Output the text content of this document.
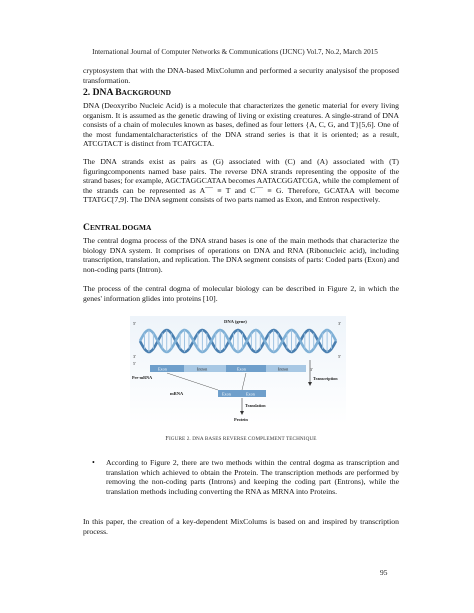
International Journal of Computer Networks & Communications (IJCNC) Vol.7, No.2, March 2015
cryptosystem that with the DNA-based MixColumn and performed a security analysisof the proposed transformation.
2. DNA BACKGROUND
DNA (Deoxyribo Nucleic Acid) is a molecule that characterizes the genetic material for every living organism. It is assumed as the genetic drawing of living or existing creatures. A single-strand of DNA consists of a chain of molecules known as bases, defined as four letters {A, C, G, and T}[5,6]. One of the most fundamentalcharacteristics of the DNA strand series is that it is oriented; as a result, ATCGTACT is distinct from TCATGCTA.
The DNA strands exist as pairs as (G) associated with (C) and (A) associated with (T) figuringcomponents named base pairs. The reverse DNA strands representing the opposite of the strand bases; for example, AGCTAGGCATAA becomes AATACGGATCGA, while the complement of the strands can be represented as A¯¯ ≡ T and C¯¯ ≡ G. Therefore, GCATAA will become TTATGC[7,9]. The DNA segment consists of two parts named as Exon, and Entron respectively.
CENTRAL DOGMA
The central dogma process of the DNA strand bases is one of the main methods that characterize the biology DNA system. It comprises of operations on DNA and RNA (Ribonucleic acid), including transcription, translation, and replication. The DNA segment consists of parts: Coded parts (Exon) and non-coding parts (Intron).
The process of the central dogma of molecular biology can be described in Figure 2, in which the genes' information glides into proteins [10].
5'	3'
3'	5'
DNA (gene)
5'
3'
Exon	Intron	Exon	Intron
Pre-mRNA	Transcription
mRNA	Exon	Exon
Translation
Protein
FIGURE 2. DNA BASES REVERSE COMPLEMENT TECHNIQUE
• According to Figure 2, there are two methods within the central dogma as transcription and translation which achieved to obtain the Protein. The transcription methods are performed by removing the non-coding parts (Introns) and keeping the coding part (Entrons), while the translation methods including converting the RNA as MRNA into Proteins.
In this paper, the creation of a key-dependent MixColums is based on and inspired by transcription process.
95
